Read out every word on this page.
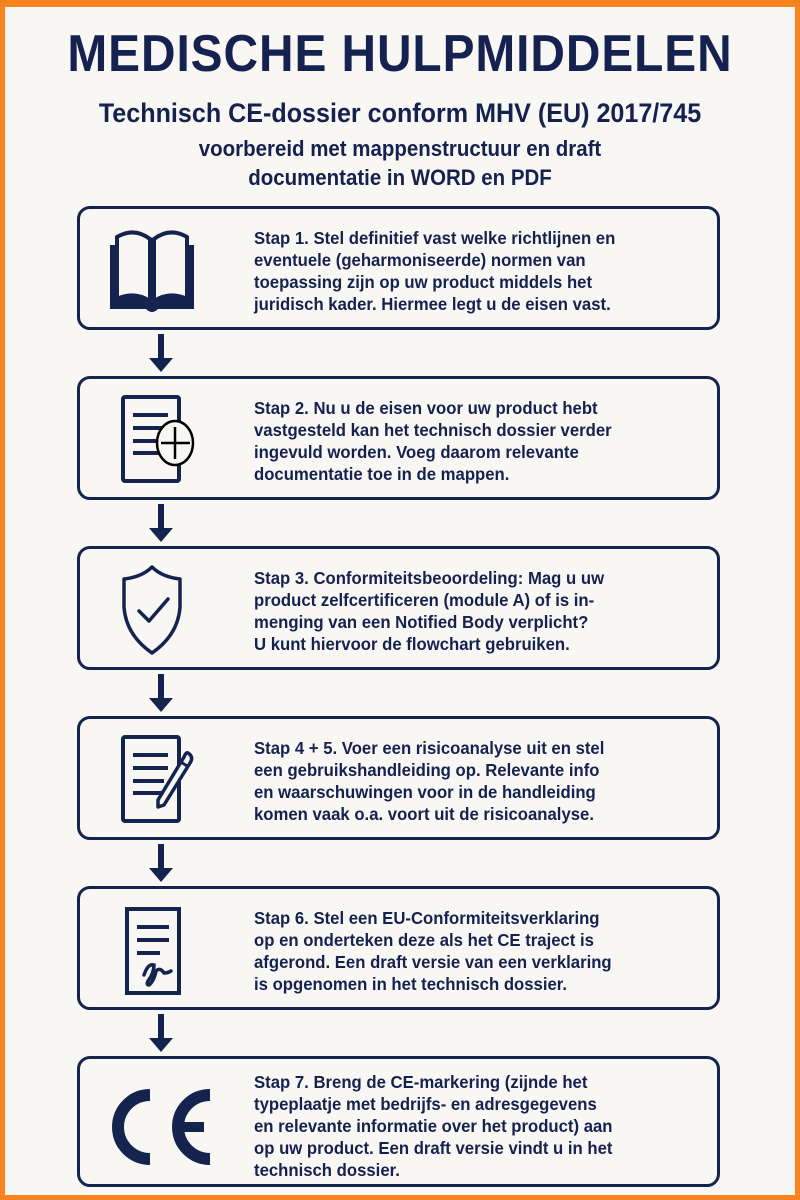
MEDISCHE HULPMIDDELEN
Technisch CE-dossier conform MHV (EU) 2017/745
voorbereid met mappenstructuur en draft
documentatie in WORD en PDF
Stap 1. Stel definitief vast welke richtlijnen en
eventuele (geharmoniseerde) normen van
toepassing zijn op uw product middels het
juridisch kader. Hiermee legt u de eisen vast.
Stap 2. Nu u de eisen voor uw product hebt
vastgesteld kan het technisch dossier verder
ingevuld worden. Voeg daarom relevante
documentatie toe in de mappen.
Stap 3. Conformiteitsbeoordeling: Mag u uw
product zelfcertificeren (module A) of is in-
menging van een Notified Body verplicht?
U kunt hiervoor de flowchart gebruiken.
Stap 4 + 5. Voer een risicoanalyse uit en stel
een gebruikshandleiding op. Relevante info
en waarschuwingen voor in de handleiding
komen vaak o.a. voort uit de risicoanalyse.
Stap 6. Stel een EU-Conformiteitsverklaring
op en onderteken deze als het CE traject is
afgerond. Een draft versie van een verklaring
is opgenomen in het technisch dossier.
Stap 7. Breng de CE-markering (zijnde het
typeplaatje met bedrijfs- en adresgegevens
en relevante informatie over het product) aan
op uw product. Een draft versie vindt u in het
technisch dossier.
